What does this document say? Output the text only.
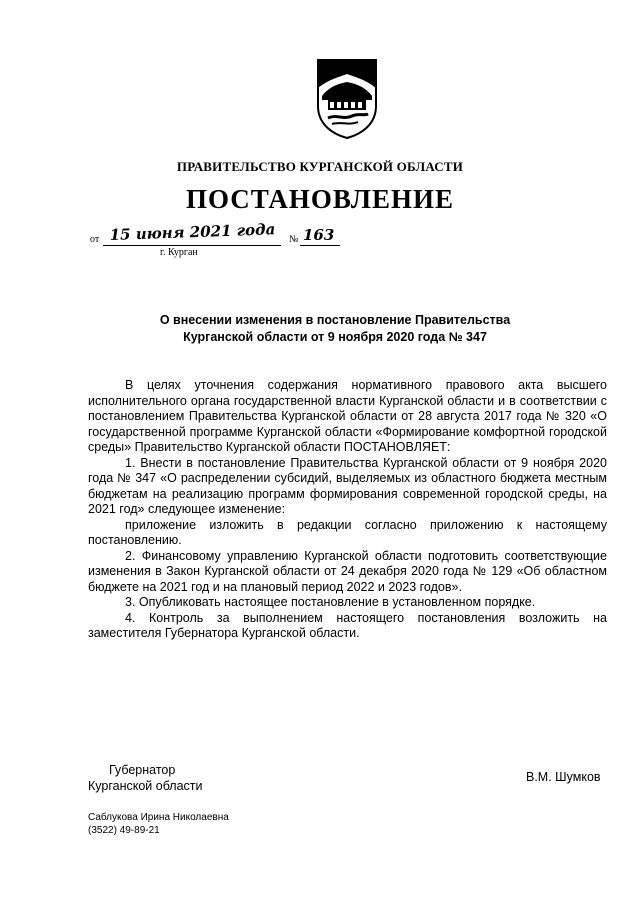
ПРАВИТЕЛЬСТВО КУРГАНСКОЙ ОБЛАСТИ
ПОСТАНОВЛЕНИЕ
от 15 июня 2021 года № 163
г. Курган
О внесении изменения в постановление Правительства
Курганской области от 9 ноября 2020 года № 347

В целях уточнения содержания нормативного правового акта высшего исполнительного органа государственной власти Курганской области и в соответствии с постановлением Правительства Курганской области от 28 августа 2017 года № 320 «О государственной программе Курганской области «Формирование комфортной городской среды» Правительство Курганской области ПОСТАНОВЛЯЕТ:

1. Внести в постановление Правительства Курганской области от 9 ноября 2020 года № 347 «О распределении субсидий, выделяемых из областного бюджета местным бюджетам на реализацию программ формирования современной городской среды, на 2021 год» следующее изменение:

приложение изложить в редакции согласно приложению к настоящему постановлению.

2. Финансовому управлению Курганской области подготовить соответствующие изменения в Закон Курганской области от 24 декабря 2020 года № 129 «Об областном бюджете на 2021 год и на плановый период 2022 и 2023 годов».

3. Опубликовать настоящее постановление в установленном порядке.

4. Контроль за выполнением настоящего постановления возложить на заместителя Губернатора Курганской области.

Губернатор
Курганской области
В.М. Шумков
Саблукова Ирина Николаевна
(3522) 49-89-21
